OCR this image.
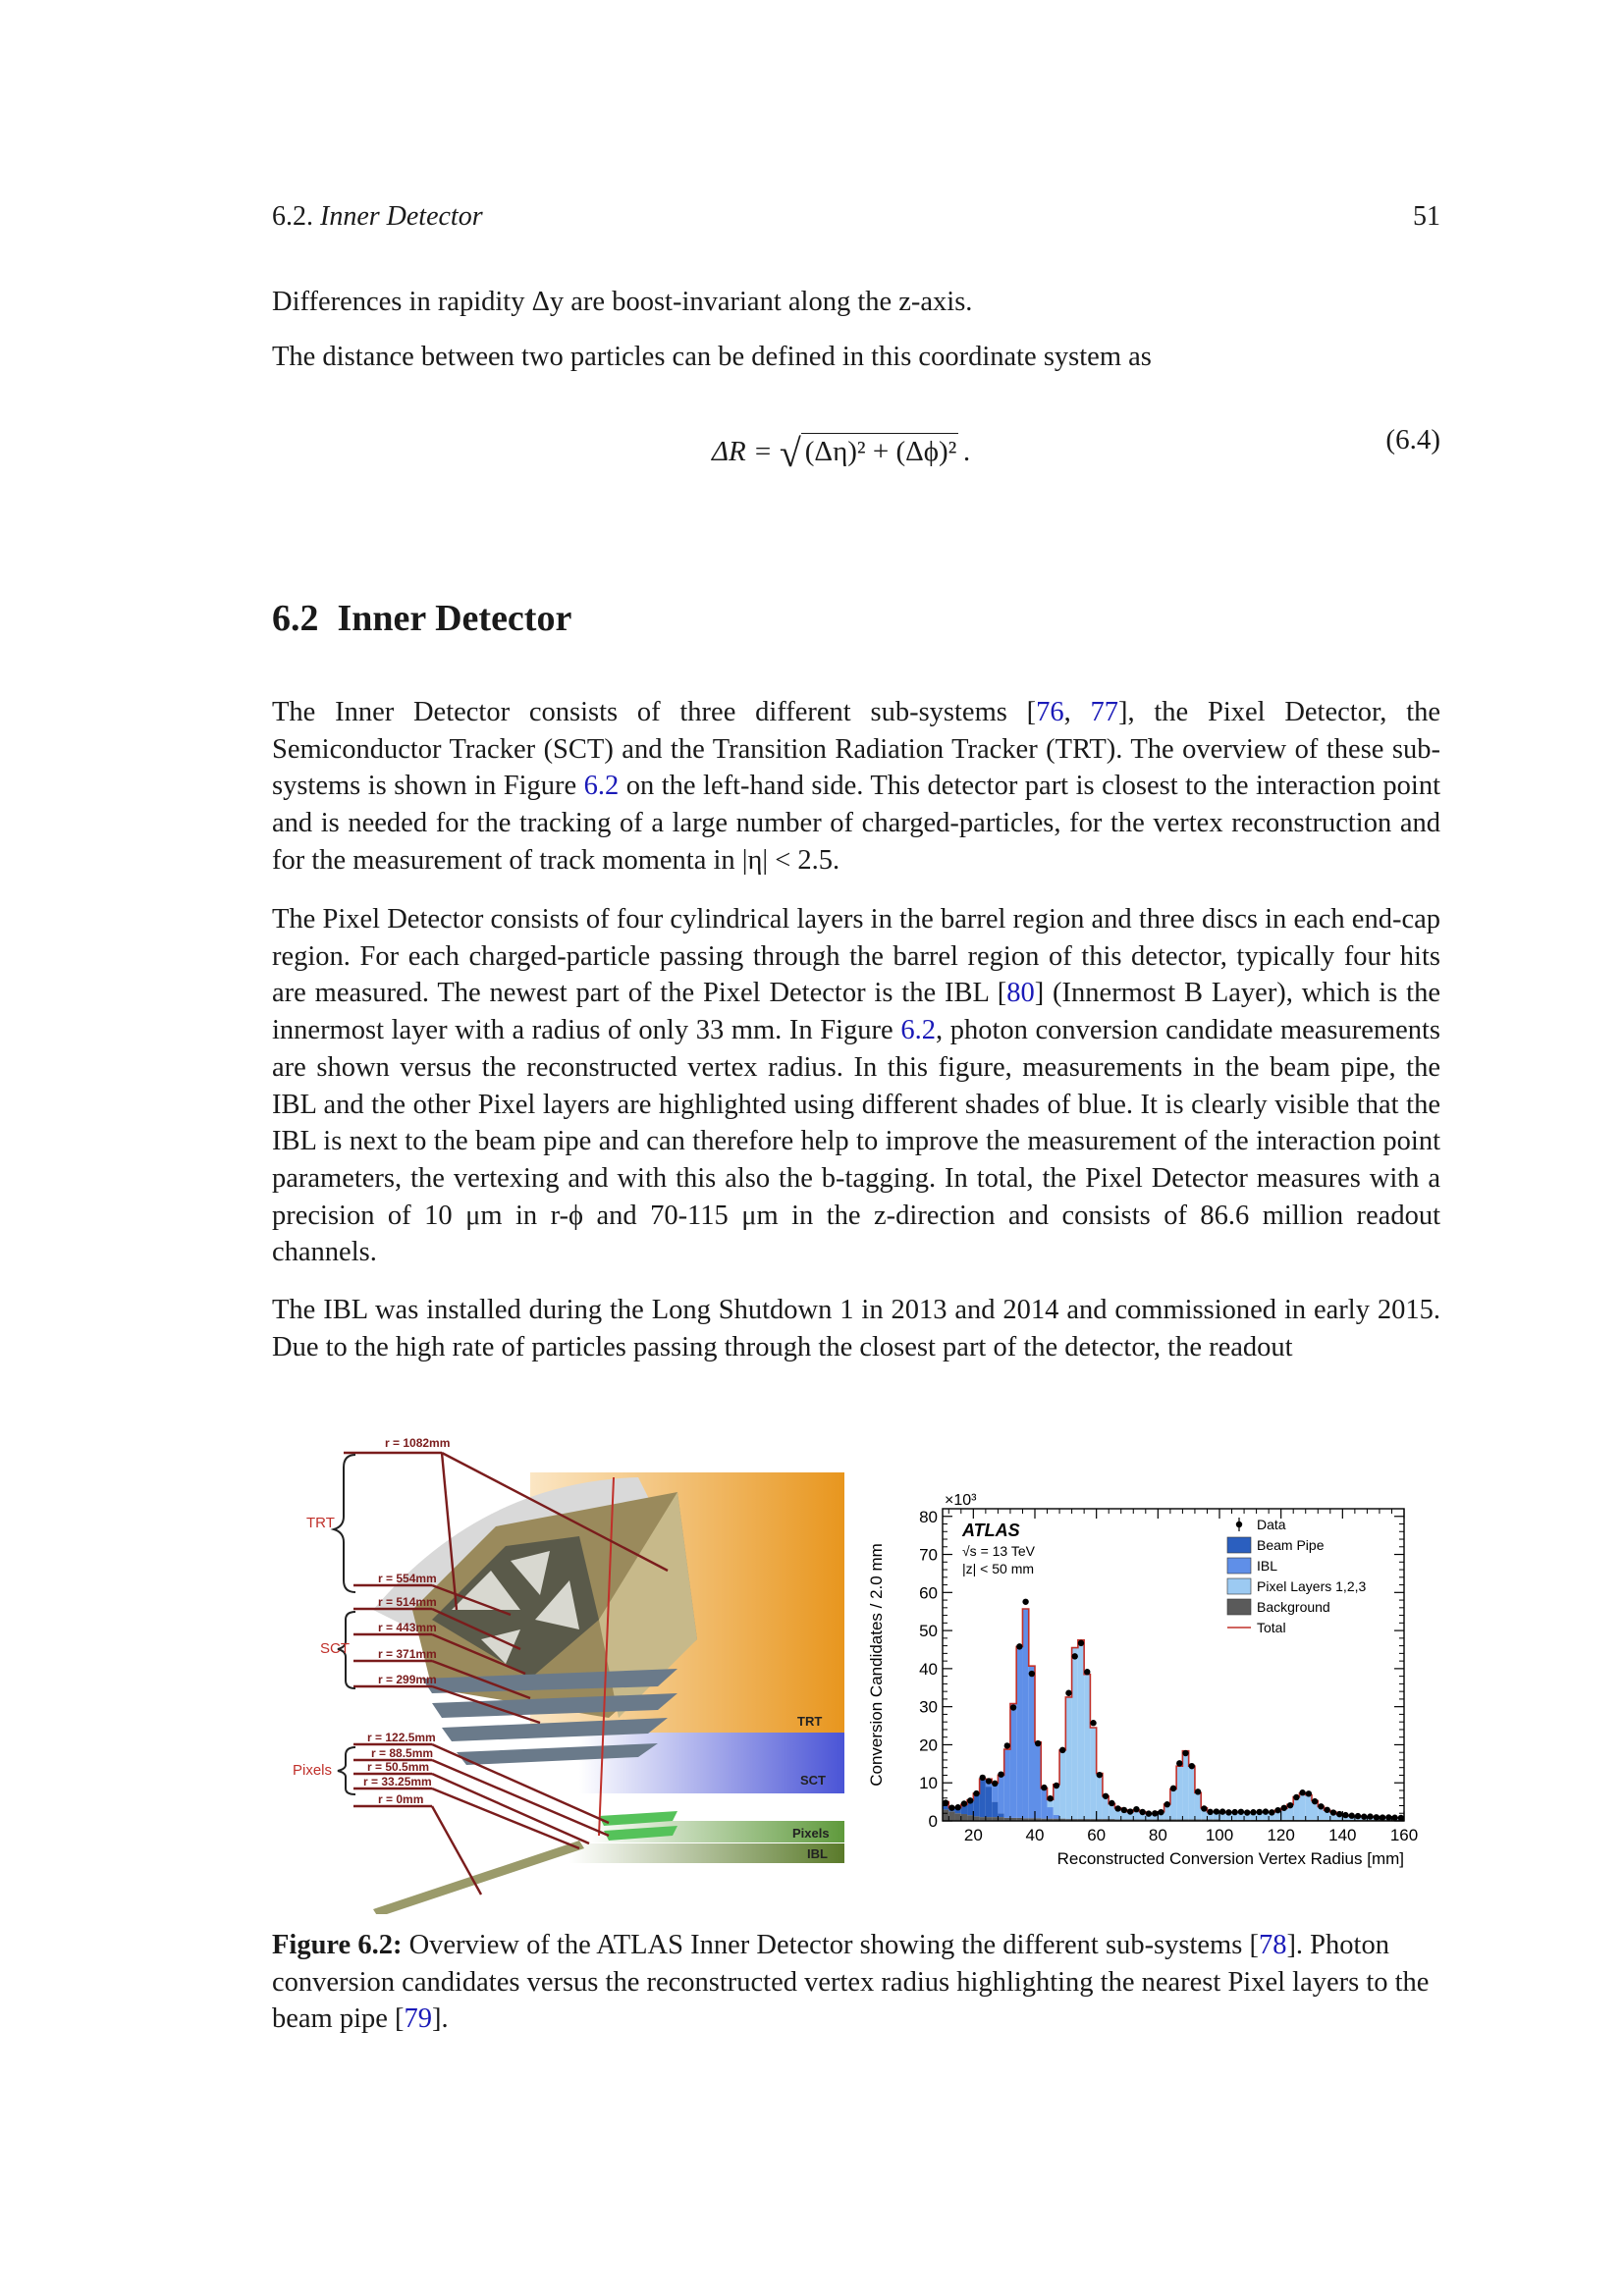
6.2. Inner Detector	51
Differences in rapidity Δy are boost-invariant along the z-axis.
The distance between two particles can be defined in this coordinate system as
ΔR = √ (Δη)² + (Δϕ)² .	(6.4)
6.2 Inner Detector
The Inner Detector consists of three different sub-systems [76, 77], the Pixel Detector, the Semiconductor Tracker (SCT) and the Transition Radiation Tracker (TRT). The overview of these sub-systems is shown in Figure 6.2 on the left-hand side. This detector part is closest to the interaction point and is needed for the tracking of a large number of charged-particles, for the vertex reconstruction and for the measurement of track momenta in |η| < 2.5.
The Pixel Detector consists of four cylindrical layers in the barrel region and three discs in each end-cap region. For each charged-particle passing through the barrel region of this detector, typically four hits are measured. The newest part of the Pixel Detector is the IBL [80] (Innermost B Layer), which is the innermost layer with a radius of only 33 mm. In Figure 6.2, photon conversion candidate measurements are shown versus the reconstructed vertex radius. In this figure, measurements in the beam pipe, the IBL and the other Pixel layers are highlighted using different shades of blue. It is clearly visible that the IBL is next to the beam pipe and can therefore help to improve the measurement of the interaction point parameters, the vertexing and with this also the b-tagging. In total, the Pixel Detector measures with a precision of 10 μm in r-ϕ and 70-115 μm in the z-direction and consists of 86.6 million readout channels.
The IBL was installed during the Long Shutdown 1 in 2013 and 2014 and commissioned in early 2015. Due to the high rate of particles passing through the closest part of the detector, the readout
r = 1082mm
r = 554mm
r = 514mm
r = 443mm
r = 371mm
r = 299mm
r = 122.5mm
r = 88.5mm
r = 50.5mm
r = 33.25mm
r = 0mm
TRT
SCT
Pixels
TRT
SCT
Pixels
IBL
20	40	60	80 100 120 140 160
0
10
20
30
40
50
60
70
80
×10³
Conversion Candidates / 2.0 mm
Reconstructed Conversion Vertex Radius [mm]
ATLAS
√s = 13 TeV
|z| < 50 mm
Data
Beam Pipe
IBL
Pixel Layers 1,2,3
Background
Total
Figure 6.2: Overview of the ATLAS Inner Detector showing the different sub-systems [78]. Photon conversion candidates versus the reconstructed vertex radius highlighting the nearest Pixel layers to the beam pipe [79].
